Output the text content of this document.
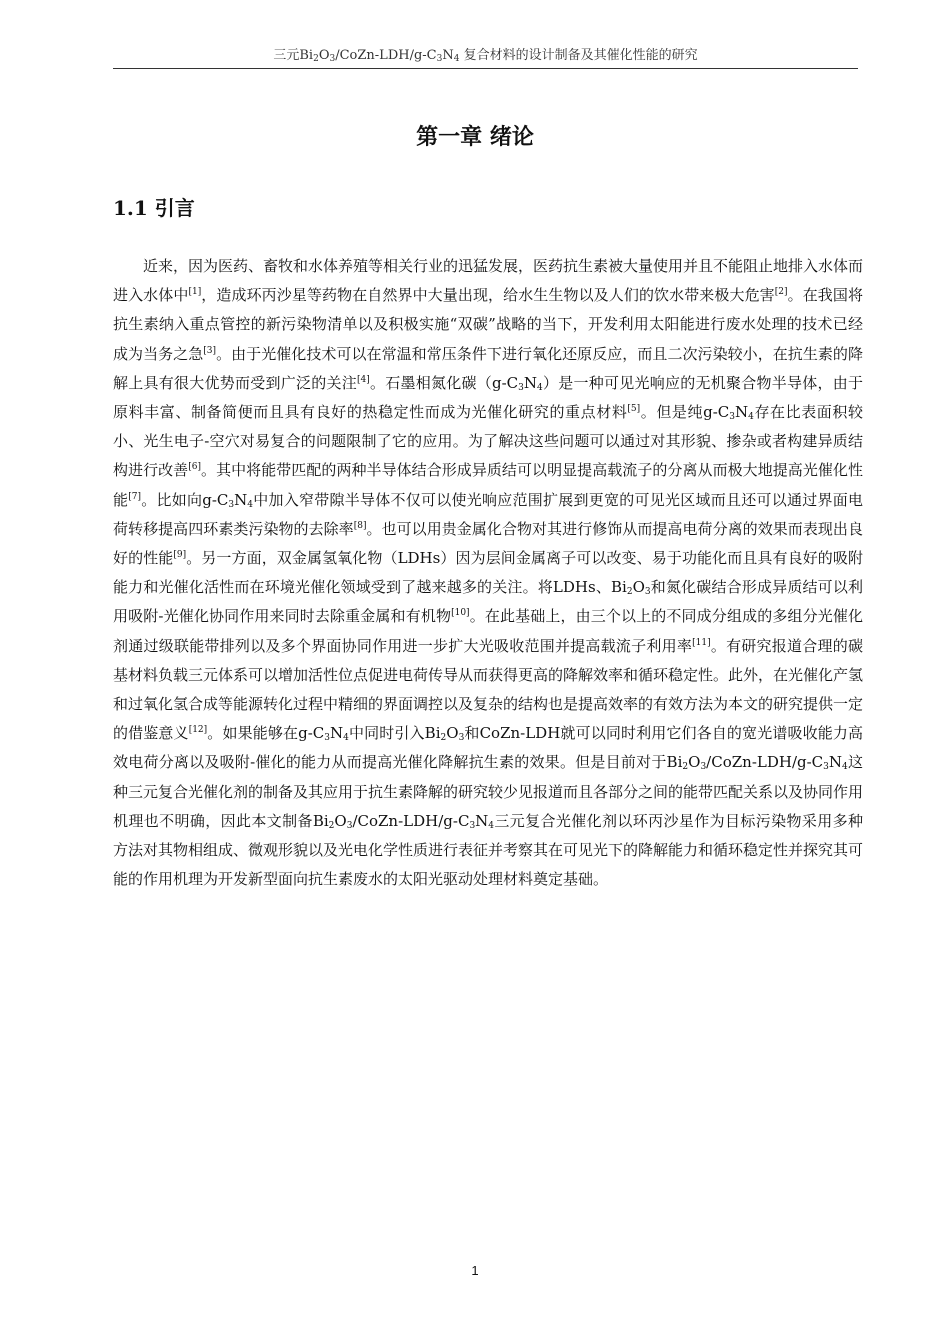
三元Bi2O3/CoZn-LDH/g-C3N4 复合材料的设计制备及其催化性能的研究
第一章 绪论
1.1 引言

近来，因为医药、畜牧和水体养殖等相关行业的迅猛发展，医药抗生素被大量使用并且不能阻止地排入水体而进入水体中[1]，造成环丙沙星等药物在自然界中大量出现，给水生生物以及人们的饮水带来极大危害[2]。在我国将抗生素纳入重点管控的新污染物清单以及积极实施“双碳”战略的当下，开发利用太阳能进行废水处理的技术已经成为当务之急[3]。由于光催化技术可以在常温和常压条件下进行氧化还原反应，而且二次污染较小，在抗生素的降解上具有很大优势而受到广泛的关注[4]。石墨相氮化碳$(g-C_3N_4)$是一种可见光响应的无机聚合物半导体，由于原料丰富、制备简便而且具有良好的热稳定性而成为光催化研究的重点材料[5]。但是纯$g-C_3N_4$存在比表面积较小、光生电子-空穴对易复合的问题限制了它的应用。为了解决这些问题可以通过对其形貌、掺杂或者构建异质结构进行改善[6]。其中将能带匹配的两种半导体结合形成异质结可以明显提高载流子的分离从而极大地提高光催化性能[7]。比如向$g-C_3N_4$中加入窄带隙半导体不仅可以使光响应范围扩展到更宽的可见光区域而且还可以通过界面电荷转移提高四环素类污染物的去除率[8]。也可以用贵金属化合物对其进行修饰从而提高电荷分离的效果而表现出良好的性能[9]。另一方面，双金属氢氧化物（LDHs）因为层间金属离子可以改变、易于功能化而且具有良好的吸附能力和光催化活性而在环境光催化领域受到了越来越多的关注。将LDHs、$Bi_2O_3$和氮化碳结合形成异质结可以利用吸附-光催化协同作用来同时去除重金属和有机物[10]。在此基础上，由三个以上的不同成分组成的多组分光催化剂通过级联能带排列以及多个界面协同作用进一步扩大光吸收范围并提高载流子利用率[11]。有研究报道合理的碳基材料负载三元体系可以增加活性位点促进电荷传导从而获得更高的降解效率和循环稳定性。此外，在光催化产氢和过氧化氢合成等能源转化过程中精细的界面调控以及复杂的结构也是提高效率的有效方法为本文的研究提供一定的借鉴意义[12]。如果能够在$g-C_3N_4$中同时引入$Bi_2O_3$和CoZn-LDH就可以同时利用它们各自的宽光谱吸收能力高效电荷分离以及吸附-催化的能力从而提高光催化降解抗生素的效果。但是目前对于$Bi_2O_3/CoZn-LDH/g-C_3N_4$这种三元复合光催化剂的制备及其应用于抗生素降解的研究较少见报道而且各部分之间的能带匹配关系以及协同作用机理也不明确，因此本文制备$Bi_2O_3/CoZn-LDH/g-C_3N_4$三元复合光催化剂以环丙沙星作为目标污染物采用多种方法对其物相组成、微观形貌以及光电化学性质进行表征并考察其在可见光下的降解能力和循环稳定性并探究其可能的作用机理为开发新型面向抗生素废水的太阳光驱动处理材料奠定基础。

1
